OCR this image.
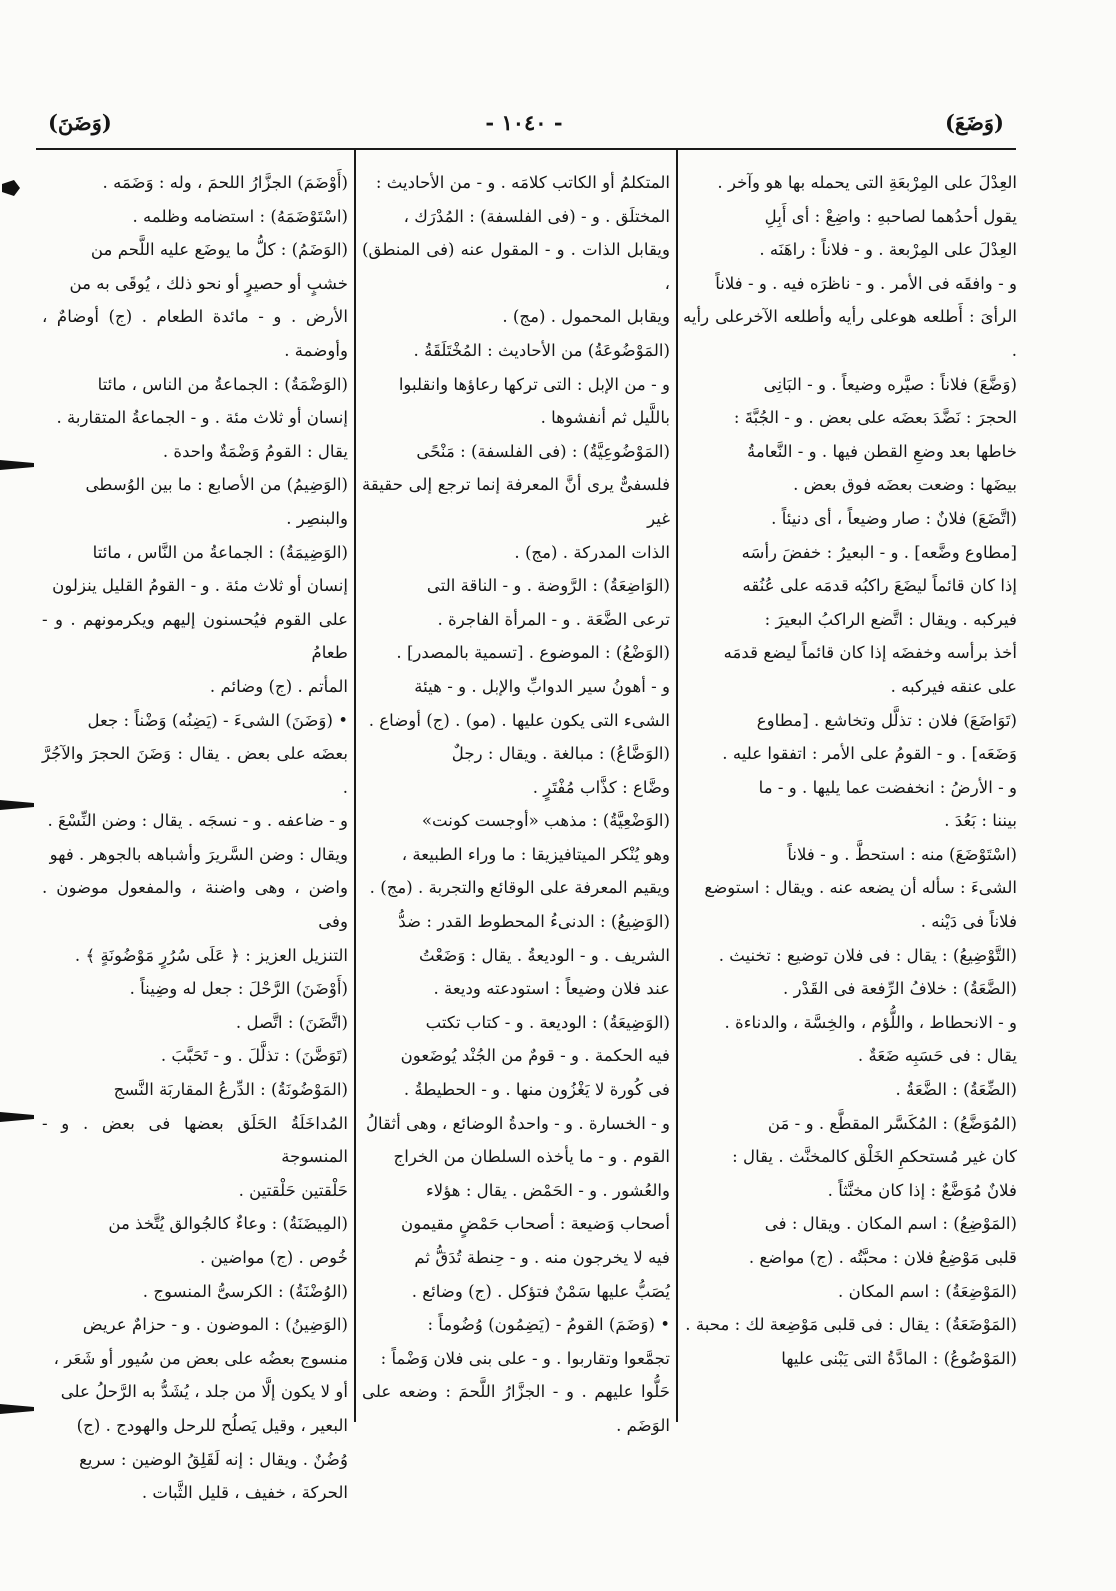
(وَضَعَ)
- ١٠٤٠ -
(وَضَنَ)

العِدْلَ على المِرْبعَةِ التى يحمله بها هو وآخر .

يقول أحدُهما لصاحبهِ : واضِعْ : أى أَبِلِ

العِدْلَ على المِرْبعة . و - فلاناً : راهَنَه .

و - وافقَه فى الأمر . و - ناظرَه فيه . و - فلاناً

الرأىَ : أَطلعه هوعلى رأيه وأطلعه الآخرعلى رأيه .

(وَضَّعَ) فلاناً : صيَّره وضيعاً . و - البَانِى

الحجرَ : نَضَّدَ بعضَه على بعض . و - الجُبَّةَ :

خاطها بعد وضعِ القطن فيها . و - النَّعامةُ

بيضَها : وضعت بعضَه فوق بعض .

(اتَّضَعَ) فلانٌ : صار وضيعاً ، أى دنيئاً .

[مطاوع وضَّعه] . و - البعيرُ : خفضَ رأسَه

إذا كان قائماً ليضَعَ راكبُه قدمَه على عُنُقه

فيركبه . ويقال : اتَّضع الراكبُ البعيرَ :

أخذ برأسه وخفضَه إذا كان قائماً ليضع قدمَه

على عنقه فيركبه .

(تَوَاضَعَ) فلان : تذلَّل وتخاشع . [مطاوع

وَضَعَه] . و - القومُ على الأمر : اتفقوا عليه .

و - الأرضُ : انخفضت عما يليها . و - ما

بيننا : بَعُدَ .

(اسْتَوْضَعَ) منه : استحطَّ . و - فلاناً

الشىءَ : سأله أن يضعه عنه . ويقال : استوضع

فلاناً فى دَيْنه .

(التَّوْضِيعُ) : يقال : فى فلان توضيع : تخنيث .

(الضَّعَةُ) : خلافُ الرِّفعة فى القَدْر .

و - الانحطاط ، واللُّؤم ، والخِسَّة ، والدناءة .

يقال : فى حَسَبِه ضَعَةٌ .

(الضِّعَةُ) : الضَّعَةُ .

(المُوَضَّعُ) : المُكَسَّر المقطَّع . و - مَن

كان غير مُستحكمِ الخَلْق كالمخنَّث . يقال :

فلانٌ مُوَضَّعٌ : إذا كان مخنَّثاً .

(المَوْضِعُ) : اسم المكان . ويقال : فى

قلبى مَوْضِعُ فلان : محبَّتُه . (ج) مواضع .

(المَوْضِعَةُ) : اسم المكان .

(المَوْضَعَةُ) : يقال : فى قلبى مَوْضِعة لك : محبة .

(المَوْضُوعُ) : المادَّةُ التى يَبْنى عليها

المتكلمُ أو الكاتب كلامَه . و - من الأحاديث :

المختلَق . و - (فى الفلسفة) : المُدْرَك ،

ويقابل الذات . و - المقول عنه (فى المنطق) ،

ويقابل المحمول . (مج) .

(المَوْضُوعَةُ) من الأحاديث : المُخْتَلَقَةُ .

و - من الإبل : التى تركها رعاؤها وانقلبوا

باللَّيل ثم أنفشوها .

(المَوْضُوعِيَّةُ) : (فى الفلسفة) : مَنْحًى

فلسفىٌّ يرى أنَّ المعرفة إنما ترجع إلى حقيقة غير

الذات المدركة . (مج) .

(الوَاضِعَةُ) : الرَّوضة . و - الناقة التى

ترعى الضَّعَة . و - المرأة الفاجرة .

(الوَضْعُ) : الموضوع . [تسمية بالمصدر] .

و - أهونُ سير الدوابِّ والإبل . و - هيئة

الشىء التى يكون عليها . (مو) . (ج) أوضاع .

(الوَضَّاعُ) : مبالغة . ويقال : رجلٌ

وضَّاع : كذَّاب مُفْتَرٍ .

(الوَضْعِيَّةُ) : مذهب «أوجست كونت»

وهو يُنْكر الميتافيزيقا : ما وراء الطبيعة ،

ويقيم المعرفة على الوقائع والتجربة . (مج) .

(الوَضِيعُ) : الدنىءُ المحطوط القدر : ضدُّ

الشريف . و - الوديعةُ . يقال : وَضَعْتُ

عند فلان وضيعاً : استودعته وديعة .

(الوَضِيعَةُ) : الوديعة . و - كتاب تكتب

فيه الحكمة . و - قومٌ من الجُنْد يُوضَعون

فى كُورة لا يَغْزُون منها . و - الحطيطةُ .

و - الخسارة . و - واحدةُ الوضائع ، وهى أثقالُ

القوم . و - ما يأخذه السلطان من الخراج

والعُشور . و - الحَمْض . يقال : هؤلاء

أصحاب وَضيعة : أصحاب حَمْضٍ مقيمون

فيه لا يخرجون منه . و - حِنطة تُدَقُّ ثم

يُصَبُّ عليها سَمْنٌ فتؤكل . (ج) وضائع .

• (وَضَمَ) القومُ - (يَضِمُون) وُضُوماً :

تجمَّعوا وتقاربوا . و - على بنى فلان وَضْماً :

حَلُّوا عليهم . و - الجزَّارُ اللَّحمَ : وضعه على الوَضَم .

(أَوْضَمَ) الجزَّارُ اللحمَ ، وله : وَضَمَه .

(اسْتَوْضَمَهُ) : استضامه وظلمه .

(الوَضَمُ) : كلُّ ما يوضَع عليه اللَّحم من

خشبٍ أو حصيرٍ أو نحو ذلك ، يُوقَى به من

الأرض . و - مائدة الطعام . (ج) أوضامٌ ، وأوضمة .

(الوَضْمَةُ) : الجماعةُ من الناس ، مائتا

إنسان أو ثلاث مئة . و - الجماعةُ المتقاربة .

يقال : القومُ وَضْمَةٌ واحدة .

(الوَضِيمُ) من الأصابع : ما بين الوُسطى

والبنصِر .

(الوَضِيمَةُ) : الجماعةُ من النَّاس ، مائتا

إنسان أو ثلاث مئة . و - القومُ القليل ينزلون

على القوم فيُحسنون إليهم ويكرمونهم . و - طعامُ

المأتم . (ج) وضائم .

• (وَضَنَ) الشىءَ - (يَضِنُه) وَضْناً : جعل

بعضَه على بعض . يقال : وَضَنَ الحجرَ والآجُرَّ .

و - ضاعفه . و - نسجَه . يقال : وضن النِّسْعَ .

ويقال : وضن السَّريرَ وأشباهه بالجوهر . فهو

واضن ، وهى واضنة ، والمفعول موضون . وفى

التنزيل العزيز : ﴿ عَلَى سُرُرٍ مَوْضُونَةٍ ﴾ .

(أَوْضَنَ) الرَّحْلَ : جعل له وضِيناً .

(اتَّضَنَ) : اتَّصل .

(تَوَضَّنَ) : تذلَّلَ . و - تَحَبَّبَ .

(المَوْضُونَةُ) : الدِّرعُ المقاربَة النَّسج

المُداخَلَةُ الحَلَق بعضها فى بعض . و - المنسوجة

حَلْقتين حَلْقتين .

(المِيضَنَةُ) : وعاءٌ كالجُوالق يُتَّخذ من

خُوص . (ج) مواضين .

(الوُضْنَةُ) : الكرسىُّ المنسوج .

(الوَضِينُ) : الموضون . و - حزامٌ عريض

منسوج بعضُه على بعض من سُيور أو شَعَر ،

أو لا يكون إلَّا من جلد ، يُشَدُّ به الرَّحلُ على

البعير ، وقيل يَصلُح للرحل والهودج . (ج)

وُضُنٌ . ويقال : إنه لَقَلِقُ الوضين : سريع

الحركة ، خفيف ، قليل الثَّبات .
